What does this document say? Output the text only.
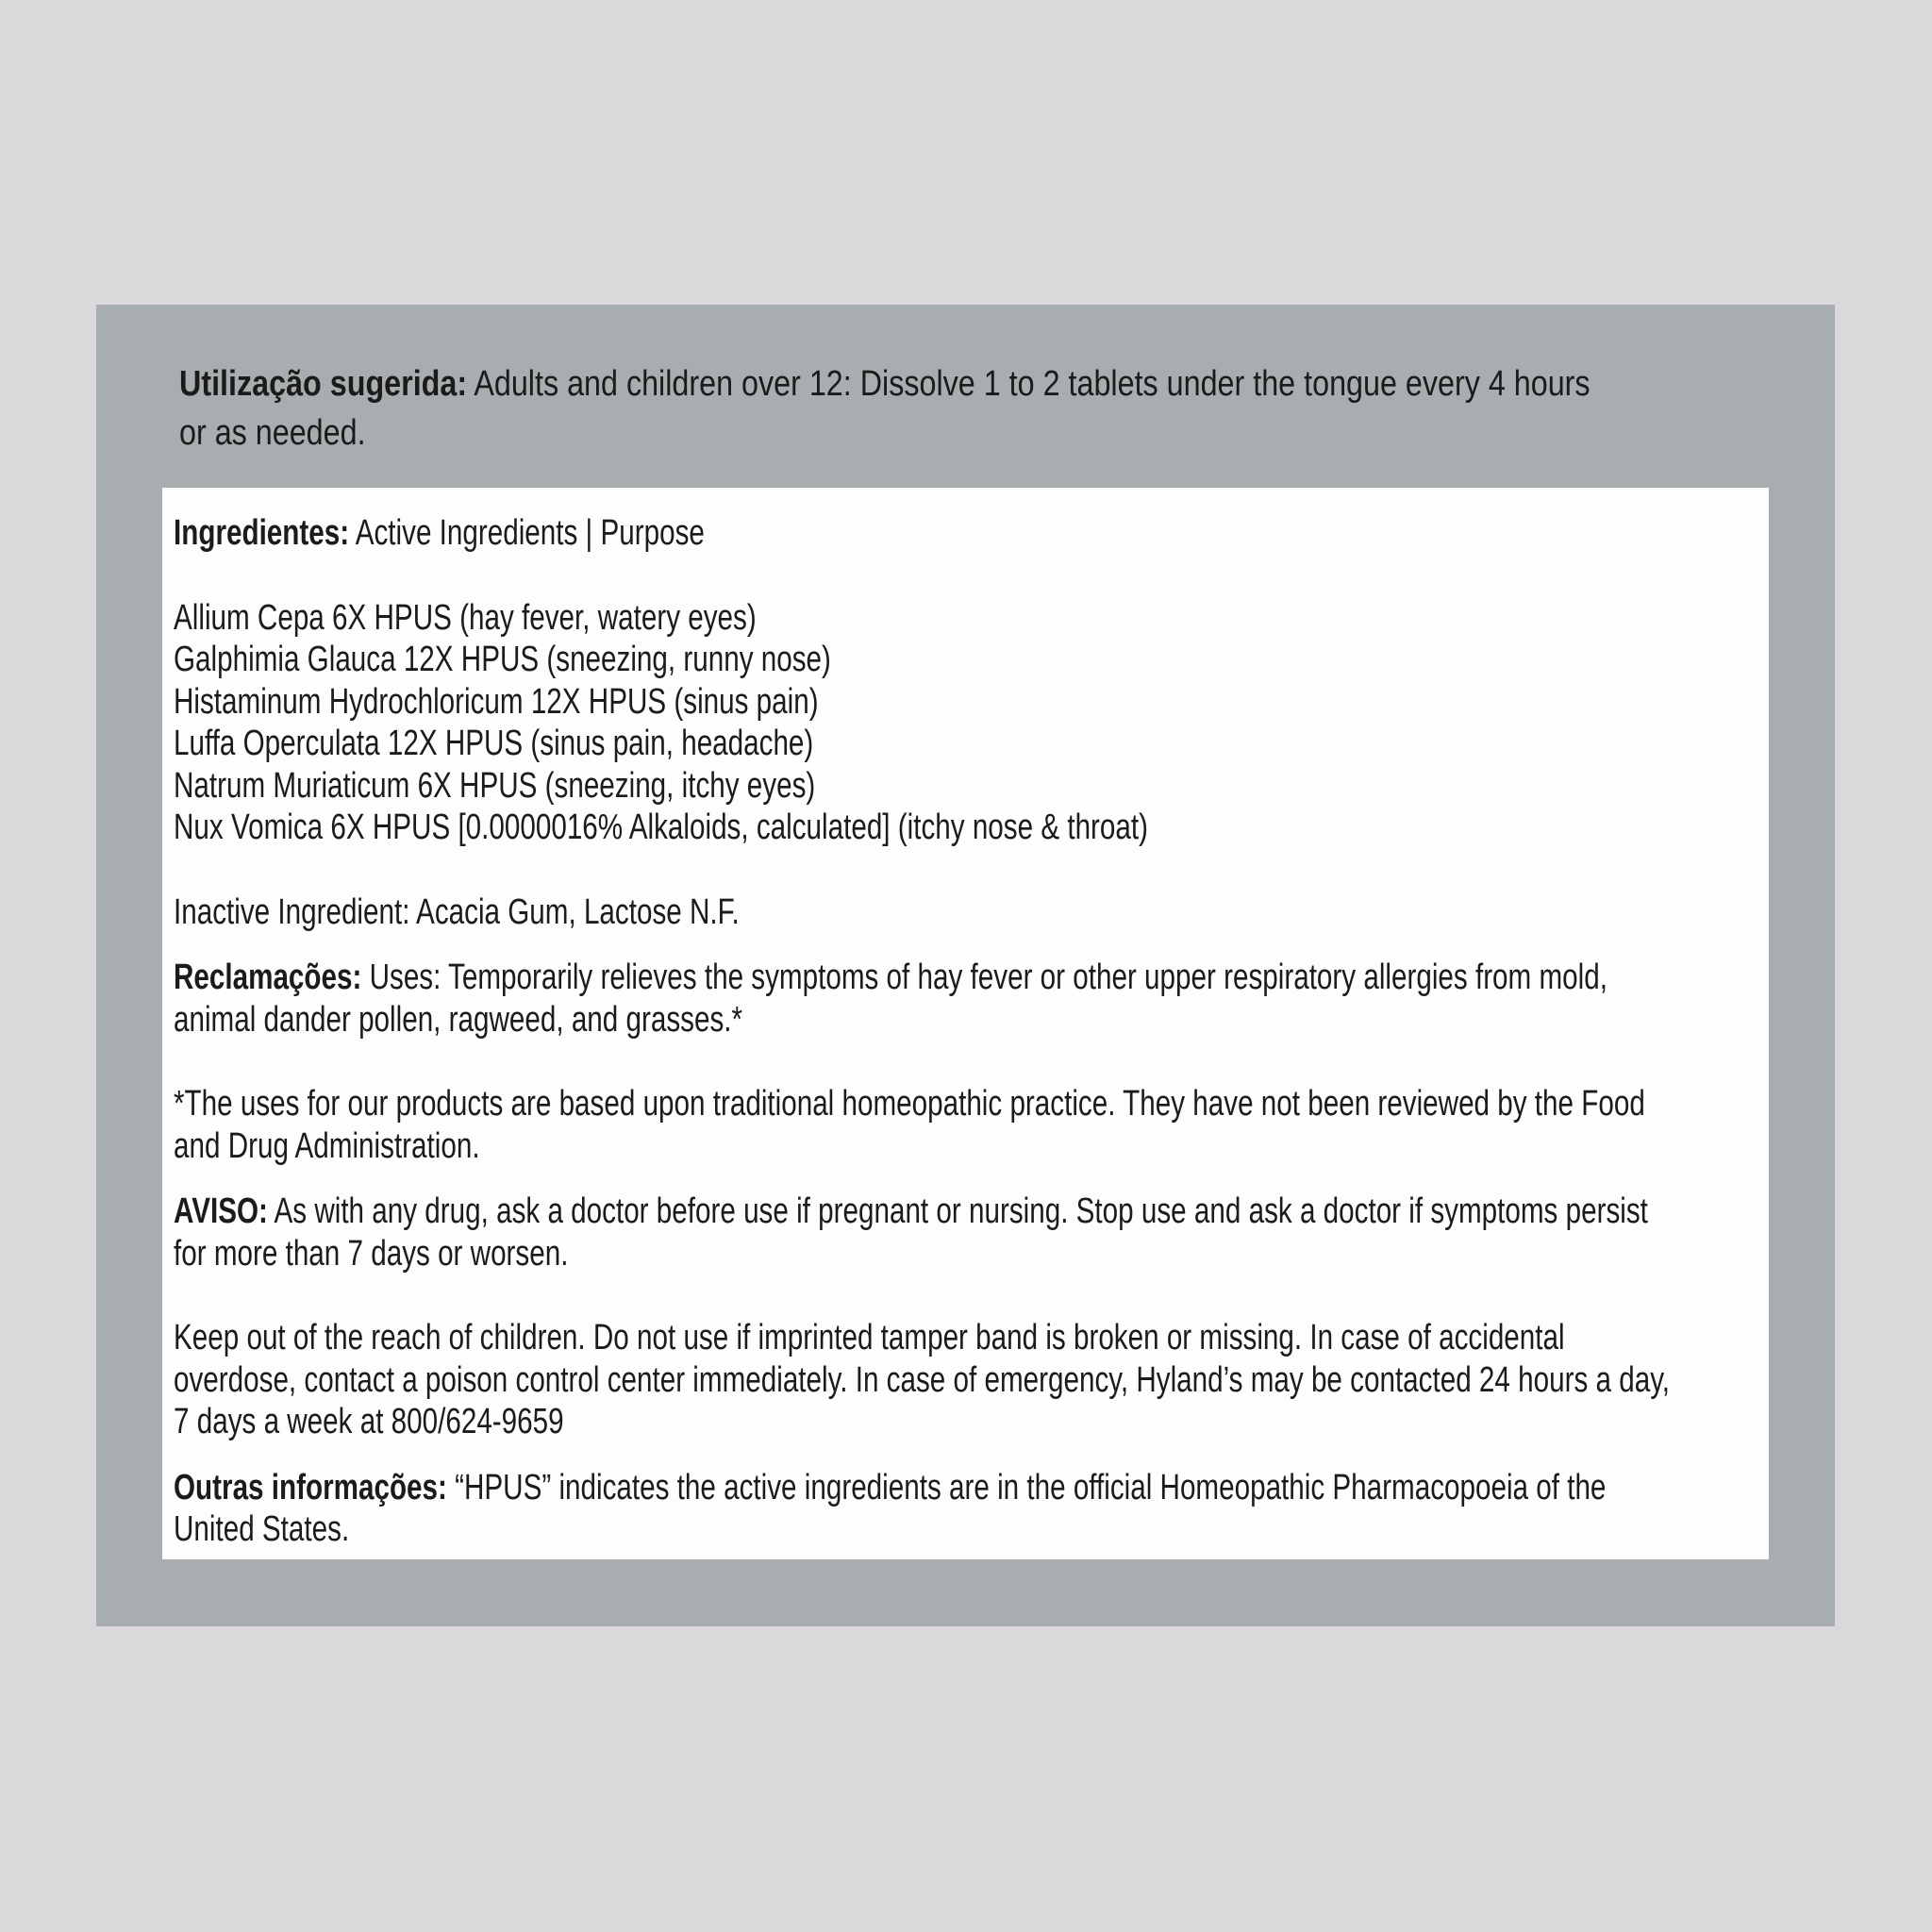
Utilização sugerida: Adults and children over 12: Dissolve 1 to 2 tablets under the tongue every 4 hours
or as needed.
Ingredientes: Active Ingredients | Purpose
Allium Cepa 6X HPUS (hay fever, watery eyes)
Galphimia Glauca 12X HPUS (sneezing, runny nose)
Histaminum Hydrochloricum 12X HPUS (sinus pain)
Luffa Operculata 12X HPUS (sinus pain, headache)
Natrum Muriaticum 6X HPUS (sneezing, itchy eyes)
Nux Vomica 6X HPUS [0.0000016% Alkaloids, calculated] (itchy nose & throat)
Inactive Ingredient: Acacia Gum, Lactose N.F.
Reclamações: Uses: Temporarily relieves the symptoms of hay fever or other upper respiratory allergies from mold,
animal dander pollen, ragweed, and grasses.*
*The uses for our products are based upon traditional homeopathic practice. They have not been reviewed by the Food
and Drug Administration.
AVISO: As with any drug, ask a doctor before use if pregnant or nursing. Stop use and ask a doctor if symptoms persist
for more than 7 days or worsen.
Keep out of the reach of children. Do not use if imprinted tamper band is broken or missing. In case of accidental
overdose, contact a poison control center immediately. In case of emergency, Hyland’s may be contacted 24 hours a day,
7 days a week at 800/624-9659
Outras informações: “HPUS” indicates the active ingredients are in the official Homeopathic Pharmacopoeia of the
United States.
